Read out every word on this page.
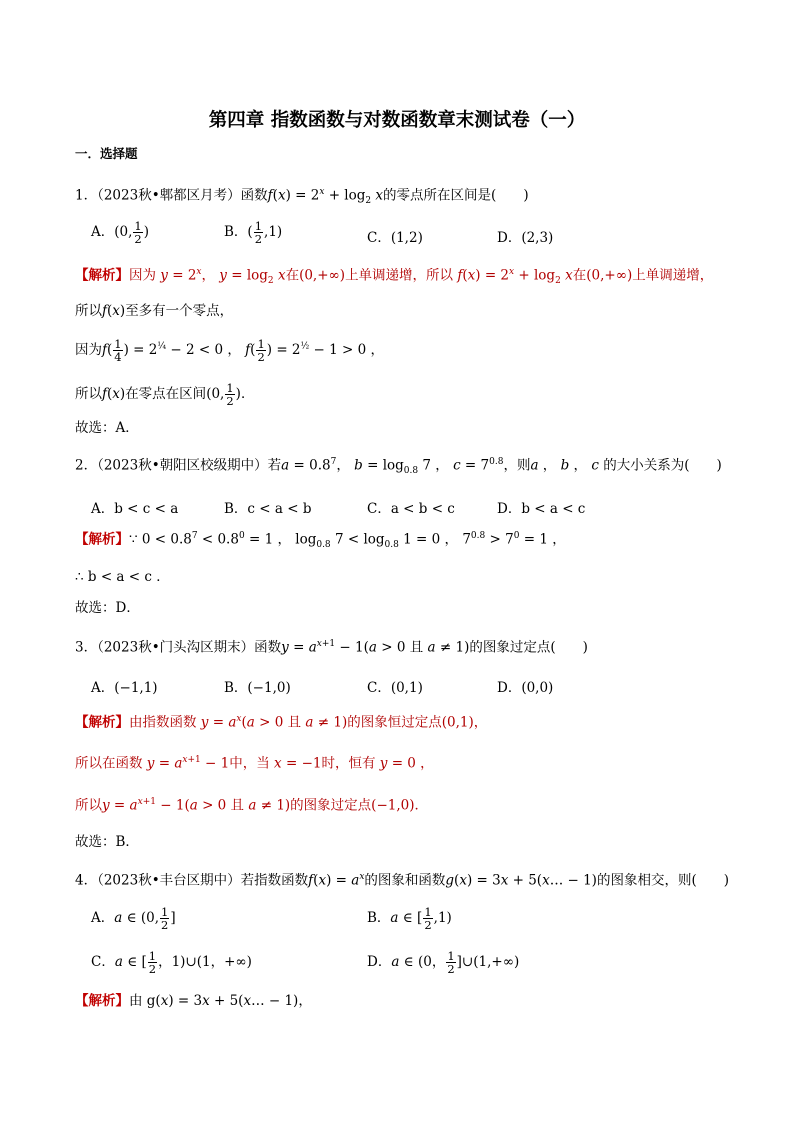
第四章 指数函数与对数函数章末测试卷（一）
一．选择题
1．（2023秋•郫都区月考）函数$f(x) = 2^x + \log_2 x$的零点所在区间是(　　)
A．(0, $\frac{1}{2}$ )	B．( $\frac{1}{2} ,1$)	C．(1,2)	D．(2,3)
【解析】因为 $y = 2^x$， $y = \log_2 x$在(0,+∞)上单调递增，所以 $f(x) = 2^x + \log_2 x$在(0,+∞)上单调递增，
所以f(x)至多有一个零点，
因为$f( \frac{1}{4}$ ) = $2^{\frac{1}{4}} - 2 < 0$ ， $f( \frac{1}{2}$ ) = $2^{\frac{1}{2}} - 1 > 0$ ，
所以f(x)在零点在区间(0, $\frac{1}{2}$ )．
故选：A．
2．（2023秋•朝阳区校级期中）若$a = 0.8^7$， $b = \log_{0.8} 7$ ， $c = 7^{0.8}$，则a ， b ， c 的大小关系为(　　)
A．b < c < a	B．c < a < b	C．a < b < c	D．b < a < c
【解析】∵ $0 < 0.8^7 < 0.8^0 = 1$ ， $\log_{0.8} 7 < \log_{0.8} 1 = 0$ ， $7^{0.8} > 7^0 = 1$ ，
∴ b < a < c ．
故选：D．
3．（2023秋•门头沟区期末）函数$y = a^{x+1} - 1(a > 0$ 且 a ≠ 1)的图象过定点(　　)
A．(−1,1)	B．(−1,0)	C．(0,1)	D．(0,0)
【解析】由指数函数 $y = a^x(a > 0$ 且 a ≠ 1)的图象恒过定点(0,1)，
所以在函数 $y = a^{x+1} - 1$中，当 x = −1时，恒有 y = 0 ，
所以$y = a^{x+1} - 1(a > 0$ 且 a ≠ 1)的图象过定点(−1,0)．
故选：B．
4．（2023秋•丰台区期中）若指数函数$f(x) = a^x$的图象和函数g(x) = 3x + 5(x… − 1)的图象相交，则(　　)
A．a ∈ (0, $\frac{1}{2}$ ]	B．a ∈ [ $\frac{1}{2} ,1$)
C．a ∈ [ $\frac{1}{2}$ ，1)∪(1，+∞)	D．a ∈ (0， $\frac{1}{2}$ ]∪(1,+∞)
【解析】由 g(x) = 3x + 5(x… − 1)，
